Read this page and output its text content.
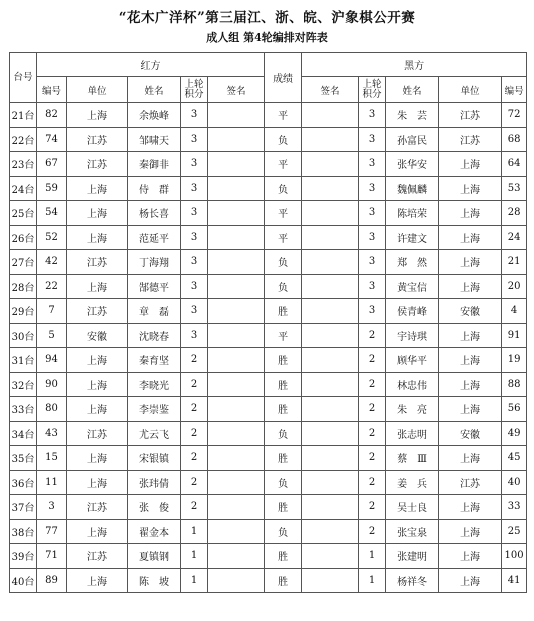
“花木广洋杯”第三届江、浙、皖、沪象棋公开赛
成人组 第4轮编排对阵表
台号	红方					成绩	黑方				
	编号	单位	姓名	上轮积分	签名		签名	上轮积分	姓名	单位	编号
21台	82	上海	余焕峰	3		平		3	朱　芸	江苏	72
22台	74	江苏	邹啸天	3		负		3	孙富民	江苏	68
23台	67	江苏	秦御非	3		平		3	张华安	上海	64
24台	59	上海	侍　群	3		负		3	魏佩麟	上海	53
25台	54	上海	杨长喜	3		平		3	陈培荣	上海	28
26台	52	上海	范延平	3		平		3	许建文	上海	24
27台	42	江苏	丁海翔	3		负		3	郑　然	上海	21
28台	22	上海	郜德平	3		负		3	黄宝信	上海	20
29台	7	江苏	章　磊	3		胜		3	侯青峰	安徽	4
30台	5	安徽	沈晓春	3		平		2	宇诗琪	上海	91
31台	94	上海	秦育坚	2		胜		2	顾华平	上海	19
32台	90	上海	李晓光	2		胜		2	林忠伟	上海	88
33台	80	上海	李崇鉴	2		胜		2	朱　亮	上海	56
34台	43	江苏	尤云飞	2		负		2	张志明	安徽	49
35台	15	上海	宋银镇	2		胜		2	蔡　Ⅲ	上海	45
36台	11	上海	张玮倩	2		负		2	姜　兵	江苏	40
37台	3	江苏	张　俊	2		胜		2	吴士良	上海	33
38台	77	上海	翟金本	1		负		2	张宝泉	上海	25
39台	71	江苏	夏镇钢	1		胜		1	张建明	上海	100
40台	89	上海	陈　坡	1		胜		1	杨祥冬	上海	41
